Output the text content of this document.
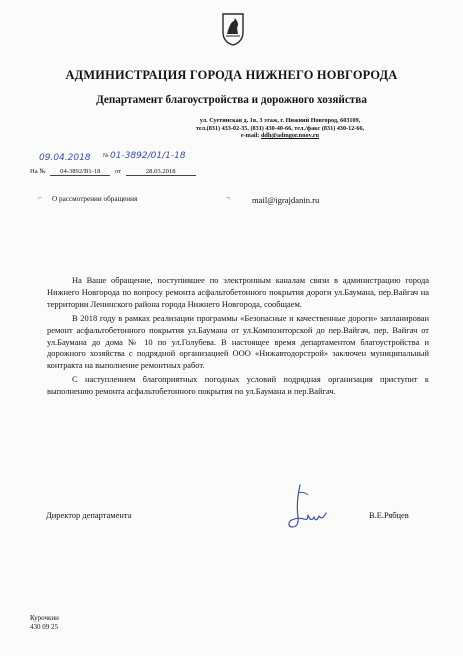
АДМИНИСТРАЦИЯ ГОРОДА НИЖНЕГО НОВГОРОДА
Департамент благоустройства и дорожного хозяйства
ул. Суетинская д. 1в, 3 этаж, г. Нижний Новгород, 603109,
тел.(831) 433-02-35, (831) 430-40-66, тел./факс (831) 430-12-66,
e-mail: ddh@admgor.nnov.ru
09.04.2018 № 01-3892/01/1-18
На № 04-3892/В1-18 от	28.03.2018
⌐ О рассмотрении обращения	¬	mail@igrajdanin.ru

На Ваше обращение, поступившее по электронным каналам связи в администрацию города Нижнего Новгорода по вопросу ремонта асфальтобетонного покрытия дороги ул.Баумана, пер.Вайгач на территории Ленинского района города Нижнего Новгорода, сообщаем.

В 2018 году в рамках реализации программы «Безопасные и качественные дороги» запланирован ремонт асфальтобетонного покрытия ул.Баумана от ул.Композиторской до пер.Вайгач, пер. Вайгач от ул.Баумана до дома № 10 по ул.Голубева. В настоящее время департаментом благоустройства и дорожного хозяйства с подрядной организацией ООО «Нижавтодорстрой» заключен муниципальный контракта на выполнение ремонтных работ.

С наступлением благоприятных погодных условий подрядная организация приступит к выполнению ремонта асфальтобетонного покрытия по ул.Баумана и пер.Вайгач.

Директор департамента	В.Е.Рябцев
Курочкин
430 09 25
